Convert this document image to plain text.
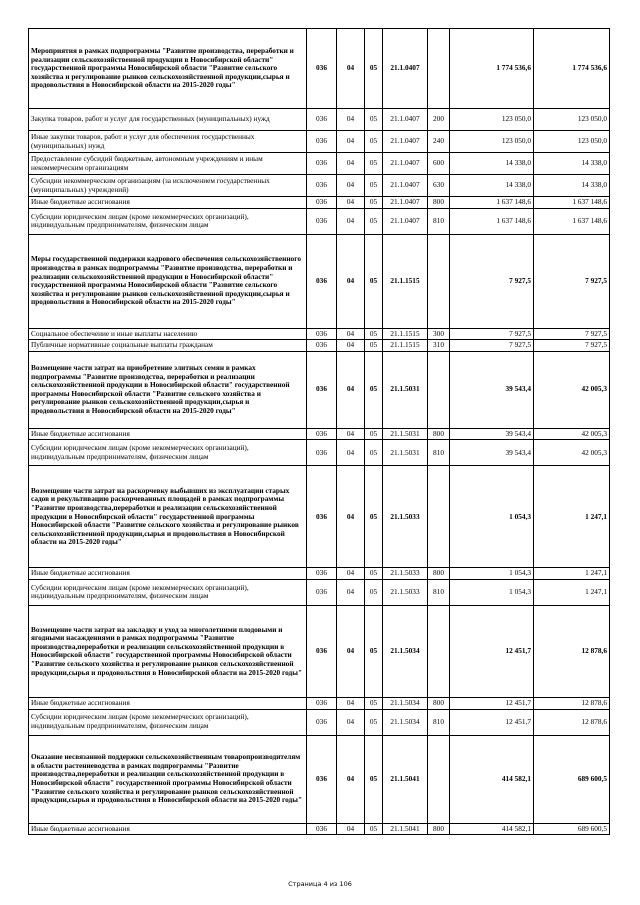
Мероприятия в рамках подпрограммы "Развитие производства, переработки и реализации сельскохозяйственной продукции в Новосибирской области" государственной программы Новосибирской области "Развитие сельского хозяйства и регулирование рынков сельскохозяйственной продукции,сырья и продовольствия в Новосибирской области на 2015-2020 годы"	036	04	05	21.1.0407		1 774 536,6	1 774 536,6
Закупка товаров, работ и услуг для государственных (муниципальных) нужд	036	04	05	21.1.0407	200	123 050,0	123 050,0
Иные закупки товаров, работ и услуг для обеспечения государственных (муниципальных) нужд	036	04	05	21.1.0407	240	123 050,0	123 050,0
Предоставление субсидий бюджетным, автономным учреждениям и иным некоммерческим организациям	036	04	05	21.1.0407	600	14 338,0	14 338,0
Субсидии некоммерческим организациям (за исключением государственных (муниципальных) учреждений)	036	04	05	21.1.0407	630	14 338,0	14 338,0
Иные бюджетные ассигнования	036	04	05	21.1.0407	800	1 637 148,6	1 637 148,6
Субсидии юридическим лицам (кроме некоммерческих организаций), индивидуальным предпринимателям, физическим лицам	036	04	05	21.1.0407	810	1 637 148,6	1 637 148,6
Меры государственной поддержки кадрового обеспечения сельскохозяйственного производства в рамках подпрограммы "Развитие производства, переработки и реализации сельскохозяйственной продукции в Новосибирской области" государственной программы Новосибирской области "Развитие сельского хозяйства и регулирование рынков сельскохозяйственной продукции,сырья и продовольствия в Новосибирской области на 2015-2020 годы"	036	04	05	21.1.1515		7 927,5	7 927,5
Социальное обеспечение и иные выплаты населению	036	04	05	21.1.1515	300	7 927,5	7 927,5
Публичные нормативные социальные выплаты гражданам	036	04	05	21.1.1515	310	7 927,5	7 927,5
Возмещение части затрат на приобретение элитных семян в рамках подпрограммы "Развитие производства, переработки и реализации сельскохозяйственной продукции в Новосибирской области" государственной программы Новосибирской области "Развитие сельского хозяйства и регулирование рынков сельскохозяйственной продукции,сырья и продовольствия в Новосибирской области на 2015-2020 годы"	036	04	05	21.1.5031		39 543,4	42 005,3
Иные бюджетные ассигнования	036	04	05	21.1.5031	800	39 543,4	42 005,3
Субсидии юридическим лицам (кроме некоммерческих организаций), индивидуальным предпринимателям, физическим лицам	036	04	05	21.1.5031	810	39 543,4	42 005,3
Возмещение части затрат на раскорчевку выбывших из эксплуатации старых садов и рекультивацию раскорчеванных площадей в рамках подпрограммы "Развитие производства,переработки и реализации сельскохозяйственной продукции в Новосибирской области" государственной программы Новосибирской области "Развитие сельского хозяйства и регулирование рынков сельскохозяйственной продукции,сырья и продовольствия в Новосибирской области на 2015-2020 годы"	036	04	05	21.1.5033		1 054,3	1 247,1
Иные бюджетные ассигнования	036	04	05	21.1.5033	800	1 054,3	1 247,1
Субсидии юридическим лицам (кроме некоммерческих организаций), индивидуальным предпринимателям, физическим лицам	036	04	05	21.1.5033	810	1 054,3	1 247,1
Возмещение части затрат на закладку и уход за многолетними плодовыми и ягодными насаждениями в рамках подпрограммы "Развитие производства,переработки и реализации сельскохозяйственной продукции в Новосибирской области" государственной программы Новосибирской области "Развитие сельского хозяйства и регулирование рынков сельскохозяйственной продукции,сырья и продовольствия в Новосибирской области на 2015-2020 годы"	036	04	05	21.1.5034		12 451,7	12 878,6
Иные бюджетные ассигнования	036	04	05	21.1.5034	800	12 451,7	12 878,6
Субсидии юридическим лицам (кроме некоммерческих организаций), индивидуальным предпринимателям, физическим лицам	036	04	05	21.1.5034	810	12 451,7	12 878,6
Оказание несвязанной поддержки сельскохозяйственным товаропроизводителям в области растениеводства в рамках подпрограммы "Развитие производства,переработки и реализации сельскохозяйственной продукции в Новосибирской области" государственной программы Новосибирской области "Развитие сельского хозяйства и регулирование рынков сельскохозяйственной продукции,сырья и продовольствия в Новосибирской области на 2015-2020 годы"	036	04	05	21.1.5041		414 582,1	689 600,5
Иные бюджетные ассигнования	036	04	05	21.1.5041	800	414 582,1	689 600,5
Страница 4 из 106
